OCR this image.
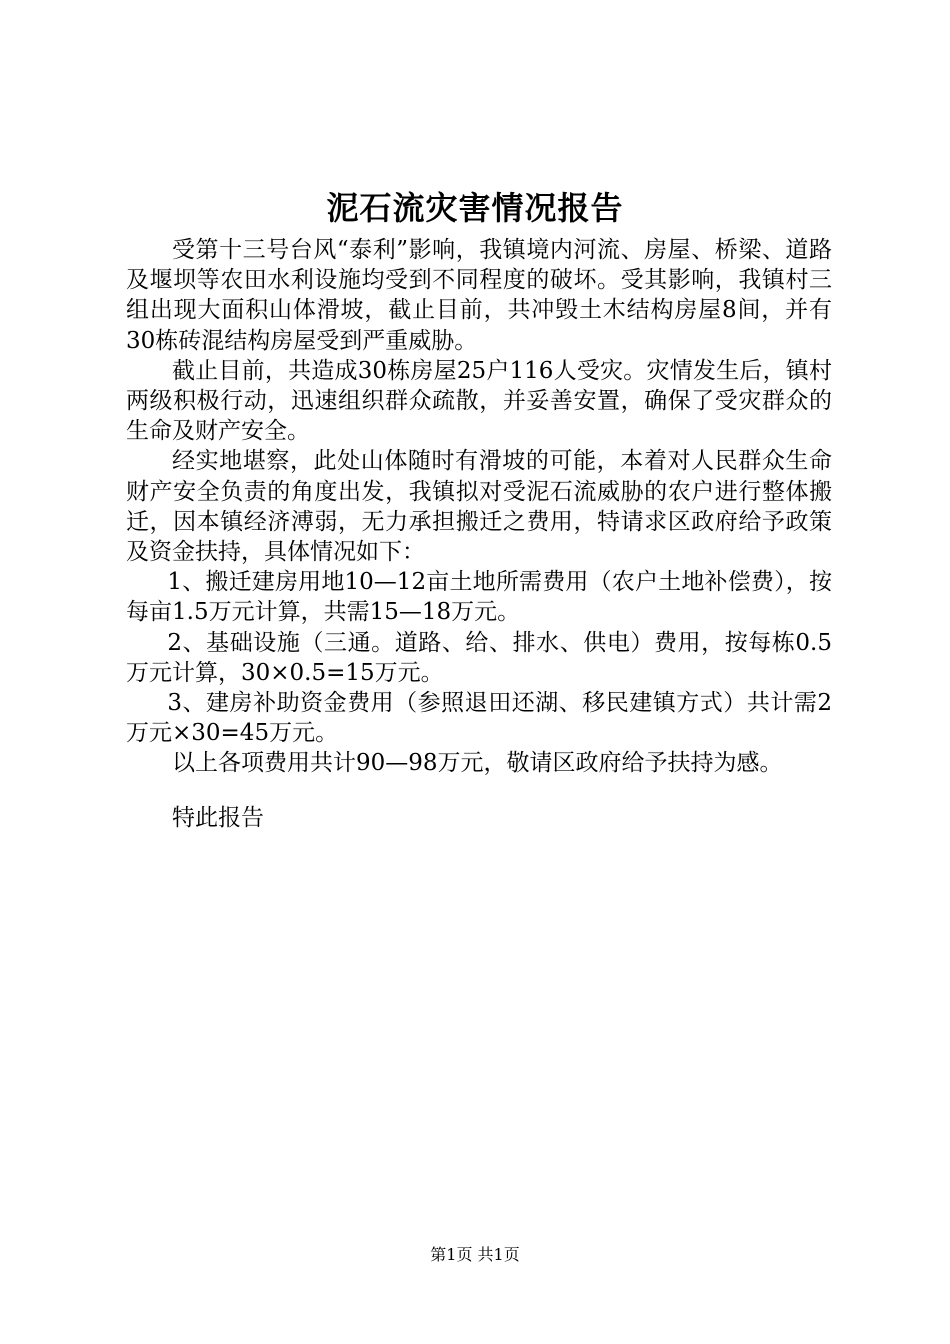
泥石流灾害情况报告

受第十三号台风“泰利”影响，我镇境内河流、房屋、桥梁、道路及堰坝等农田水利设施均受到不同程度的破坏。受其影响，我镇村三组出现大面积山体滑坡，截止目前，共冲毁土木结构房屋8间，并有30栋砖混结构房屋受到严重威胁。

截止目前，共造成30栋房屋25户116人受灾。灾情发生后，镇村两级积极行动，迅速组织群众疏散，并妥善安置，确保了受灾群众的生命及财产安全。

经实地堪察，此处山体随时有滑坡的可能，本着对人民群众生命财产安全负责的角度出发，我镇拟对受泥石流威胁的农户进行整体搬迁，因本镇经济溥弱，无力承担搬迁之费用，特请求区政府给予政策及资金扶持，具体情况如下：

1、搬迁建房用地10—12亩土地所需费用（农户土地补偿费），按每亩1.5万元计算，共需15—18万元。

2、基础设施（三通。道路、给、排水、供电）费用，按每栋0.5万元计算，30×0.5=15万元。

3、建房补助资金费用（参照退田还湖、移民建镇方式）共计需2万元×30=45万元。

以上各项费用共计90—98万元，敬请区政府给予扶持为感。

特此报告

第1页 共1页
